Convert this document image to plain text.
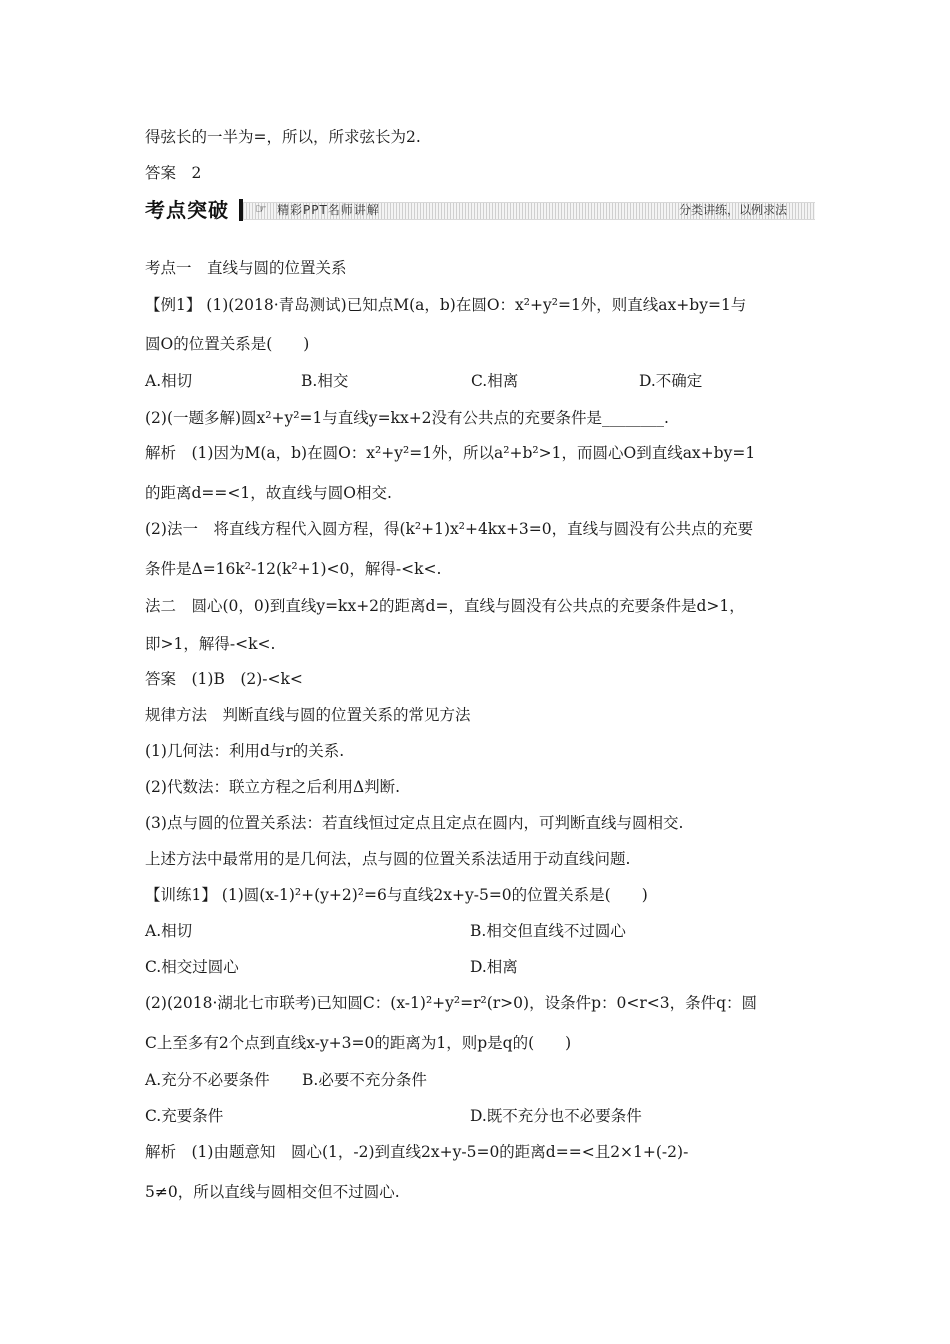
得弦长的一半为=，所以，所求弦长为2.
答案　2
考点突破	☞ 精彩PPT名师讲解	分类讲练，以例求法
考点一　直线与圆的位置关系
【例1】 (1)(2018·青岛测试)已知点M(a，b)在圆O：x²+y²=1外，则直线ax+by=1与
圆O的位置关系是(　　)
A.相切	B.相交	C.相离	D.不确定
(2)(一题多解)圆x²+y²=1与直线y=kx+2没有公共点的充要条件是________.
解析　(1)因为M(a，b)在圆O：x²+y²=1外，所以a²+b²>1，而圆心O到直线ax+by=1
的距离d==<1，故直线与圆O相交.
(2)法一　将直线方程代入圆方程，得(k²+1)x²+4kx+3=0，直线与圆没有公共点的充要
条件是Δ=16k²-12(k²+1)<0，解得-<k<.
法二　圆心(0，0)到直线y=kx+2的距离d=，直线与圆没有公共点的充要条件是d>1，
即>1，解得-<k<.
答案　(1)B　(2)-<k<
规律方法　判断直线与圆的位置关系的常见方法
(1)几何法：利用d与r的关系.
(2)代数法：联立方程之后利用Δ判断.
(3)点与圆的位置关系法：若直线恒过定点且定点在圆内，可判断直线与圆相交.
上述方法中最常用的是几何法，点与圆的位置关系法适用于动直线问题.
【训练1】 (1)圆(x-1)²+(y+2)²=6与直线2x+y-5=0的位置关系是(　　)
A.相切	B.相交但直线不过圆心
C.相交过圆心	D.相离
(2)(2018·湖北七市联考)已知圆C：(x-1)²+y²=r²(r>0)，设条件p：0<r<3，条件q：圆
C上至多有2个点到直线x-y+3=0的距离为1，则p是q的(　　)
A.充分不必要条件 B.必要不充分条件
C.充要条件	D.既不充分也不必要条件
解析　(1)由题意知　圆心(1，-2)到直线2x+y-5=0的距离d==<且2×1+(-2)-
5≠0，所以直线与圆相交但不过圆心.
